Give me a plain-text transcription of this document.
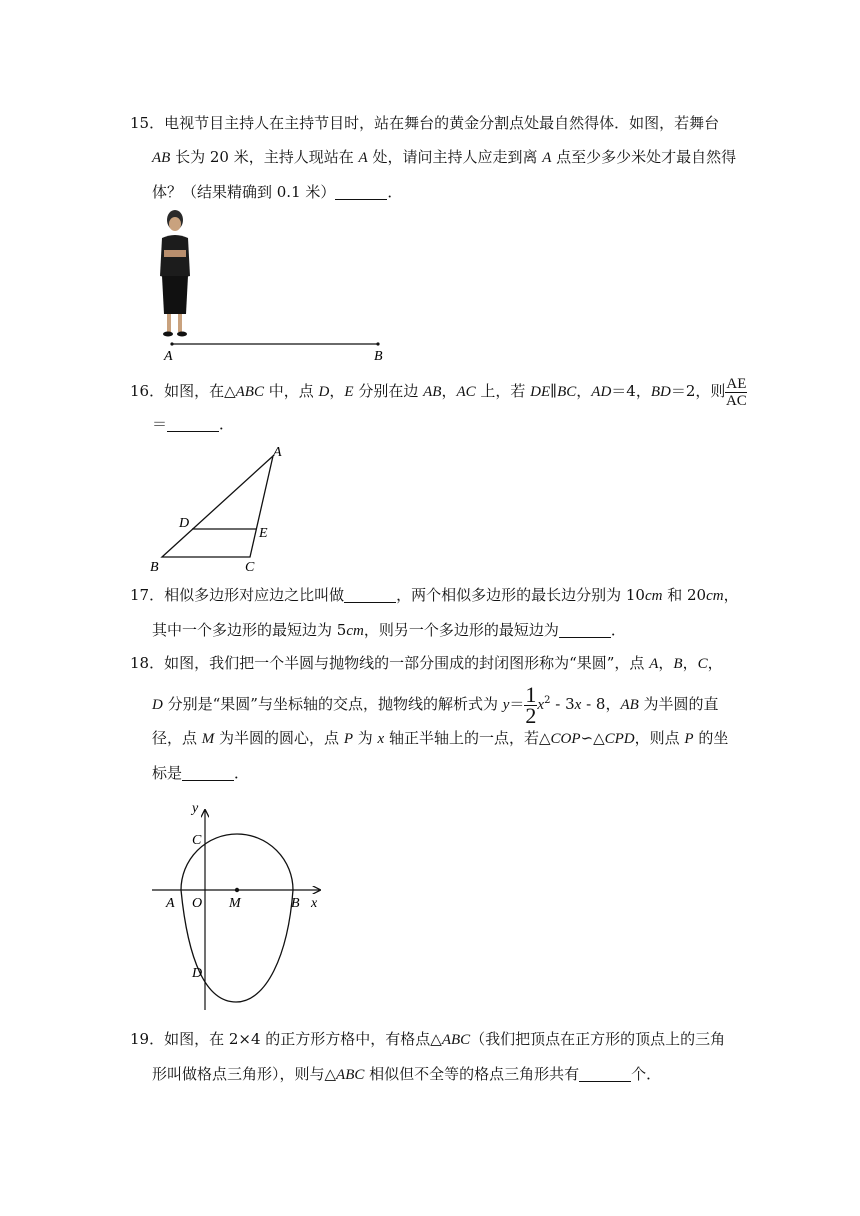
15．电视节目主持人在主持节目时，站在舞台的黄金分割点处最自然得体．如图，若舞台
AB 长为 20 米，主持人现站在 A 处，请问主持人应走到离 A 点至少多少米处才最自然得
体？（结果精确到 0.1 米）	．
A	B
16．如图，在△ABC 中，点 D，E 分别在边 AB，AC 上，若 DE∥BC，AD＝4，BD＝2，则 $\frac{AE}{AC}$
＝	．
A
B	C
D
E
17．相似多边形对应边之比叫做	，两个相似多边形的最长边分别为 10cm 和 20cm，
其中一个多边形的最短边为 5cm，则另一个多边形的最短边为	．
18．如图，我们把一个半圆与抛物线的一部分围成的封闭图形称为“果圆”，点 A，B，C，
D 分别是“果圆”与坐标轴的交点，抛物线的解析式为 $y= \frac{1}{2} x^2 - 3x - 8$，AB 为半圆的直
径，点 M 为半圆的圆心，点 P 为 x 轴正半轴上的一点，若△COP∽△CPD，则点 P 的坐
标是	．
y
x
C
A O M	B
D
19．如图，在 2×4 的正方形方格中，有格点△ABC（我们把顶点在正方形的顶点上的三角
形叫做格点三角形），则与△ABC 相似但不全等的格点三角形共有	个．
